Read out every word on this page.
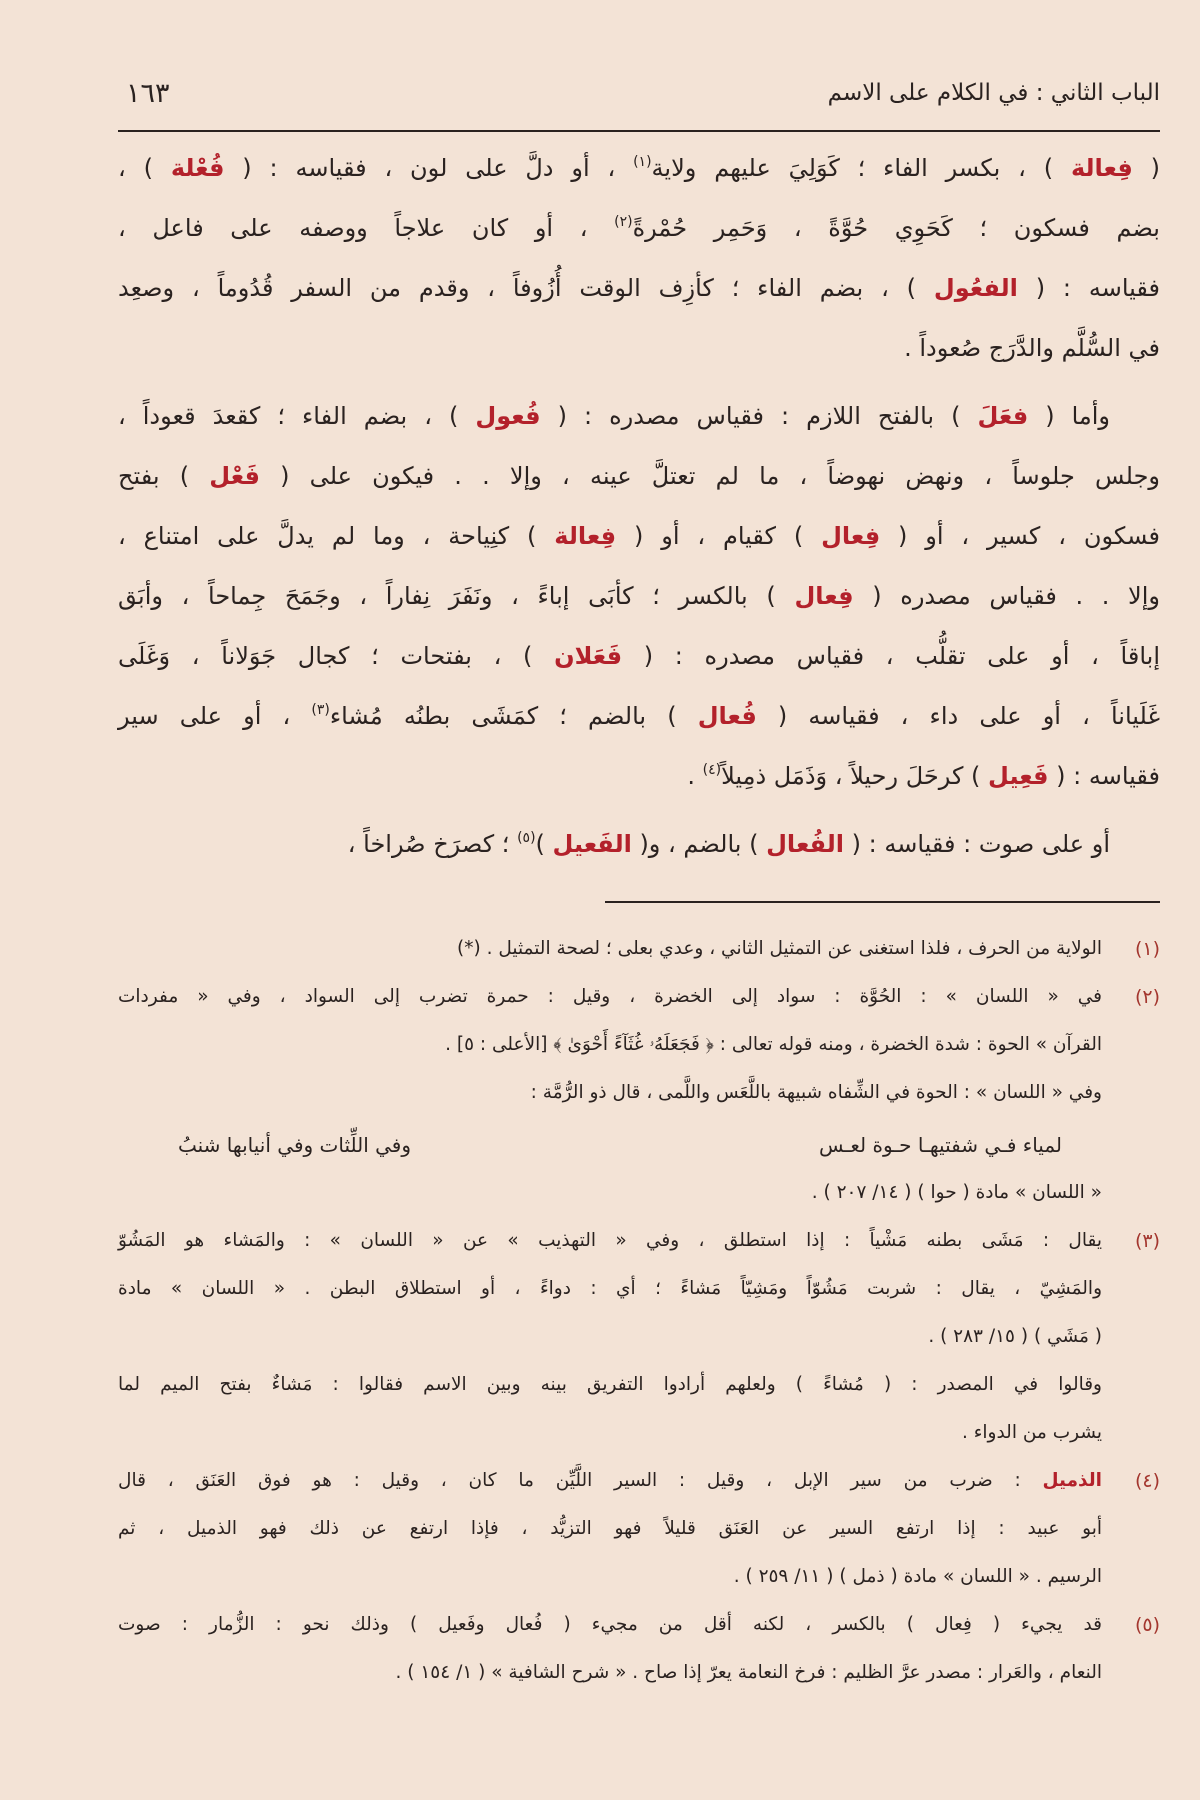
الباب الثاني : في الكلام على الاسم
١٦٣
( فِعالة ) ، بكسر الفاء ؛ كَوَلِيَ عليهم ولاية$^{(١)}$ ، أو دلَّ على لون ، فقياسه : ( فُعْلة ) ،
بضم فسكون ؛ كَحَوِي حُوَّةً ، وَحَمِر حُمْرةً$^{(٢)}$ ، أو كان علاجاً ووصفه على فاعل ،
فقياسه : ( الفعُول ) ، بضم الفاء ؛ كأزِف الوقت أُزُوفاً ، وقدم من السفر قُدُوماً ، وصعِد
في السُّلَّم والدَّرَج صُعوداً .
وأما ( فعَلَ ) بالفتح اللازم : فقياس مصدره : ( فُعول ) ، بضم الفاء ؛ كقعدَ قعوداً ،
وجلس جلوساً ، ونهض نهوضاً ، ما لم تعتلَّ عينه ، وإلا . . فيكون على ( فَعْل ) بفتح
فسكون ، كسير ، أو ( فِعال ) كقيام ، أو ( فِعالة ) كنِياحة ، وما لم يدلَّ على امتناع ،
وإلا . . فقياس مصدره ( فِعال ) بالكسر ؛ كأبَى إباءً ، ونَفَرَ نِفاراً ، وجَمَحَ جِماحاً ، وأبَق
إباقاً ، أو على تقلُّب ، فقياس مصدره : ( فَعَلان ) ، بفتحات ؛ كجال جَوَلاناً ، وَغَلَى
غَلَياناً ، أو على داء ، فقياسه ( فُعال ) بالضم ؛ كمَشَى بطنُه مُشاء$^{(٣)}$ ، أو على سير
فقياسه : ( فَعِيل ) كرحَلَ رحيلاً ، وَذَمَل ذمِيلاً$^{(٤)}$ .
أو على صوت : فقياسه : ( الفُعال ) بالضم ، و( الفَعيل )$^{(٥)}$ ؛ كصرَخ صُراخاً ،
(١)
الولاية من الحرف ، فلذا استغنى عن التمثيل الثاني ، وعدي بعلى ؛ لصحة التمثيل . (*)
(٢)
في « اللسان » : الحُوَّة : سواد إلى الخضرة ، وقيل : حمرة تضرب إلى السواد ، وفي « مفردات
القرآن » الحوة : شدة الخضرة ، ومنه قوله تعالى : ﴿ فَجَعَلَهُۥ غُثَآءً أَحْوَىٰ ﴾ [الأعلى : ٥] .
وفي « اللسان » : الحوة في الشِّفاه شبيهة باللَّعَس واللَّمى ، قال ذو الرُّمَّة :
لمياء فـي شفتيهـا حـوة لعـس
وفي اللِّثات وفي أنيابها شنبُ
« اللسان » مادة ( حوا ) ( ١٤/ ٢٠٧ ) .
(٣)
يقال : مَشَى بطنه مَشْياً : إذا استطلق ، وفي « التهذيب » عن « اللسان » : والمَشاء هو المَشُوّ
والمَشِيّ ، يقال : شربت مَشُوّاً ومَشِيّاً مَشاءً ؛ أي : دواءً ، أو استطلاق البطن . « اللسان » مادة
( مَشَي ) ( ١٥/ ٢٨٣ ) .
وقالوا في المصدر : ( مُشاءً ) ولعلهم أرادوا التفريق بينه وبين الاسم فقالوا : مَشاءٌ بفتح الميم لما
يشرب من الدواء .
(٤)
الذميل : ضرب من سير الإبل ، وقيل : السير اللَّيِّن ما كان ، وقيل : هو فوق العَنَق ، قال
أبو عبيد : إذا ارتفع السير عن العَنَق قليلاً فهو التزيُّد ، فإذا ارتفع عن ذلك فهو الذميل ، ثم
الرسيم . « اللسان » مادة ( ذمل ) ( ١١/ ٢٥٩ ) .
(٥)
قد يجيء ( فِعال ) بالكسر ، لكنه أقل من مجيء ( فُعال وفَعيل ) وذلك نحو : الزُّمار : صوت
النعام ، والعَرار : مصدر عرَّ الظليم : فرخ النعامة يعرّ إذا صاح . « شرح الشافية » ( ١/ ١٥٤ ) .
